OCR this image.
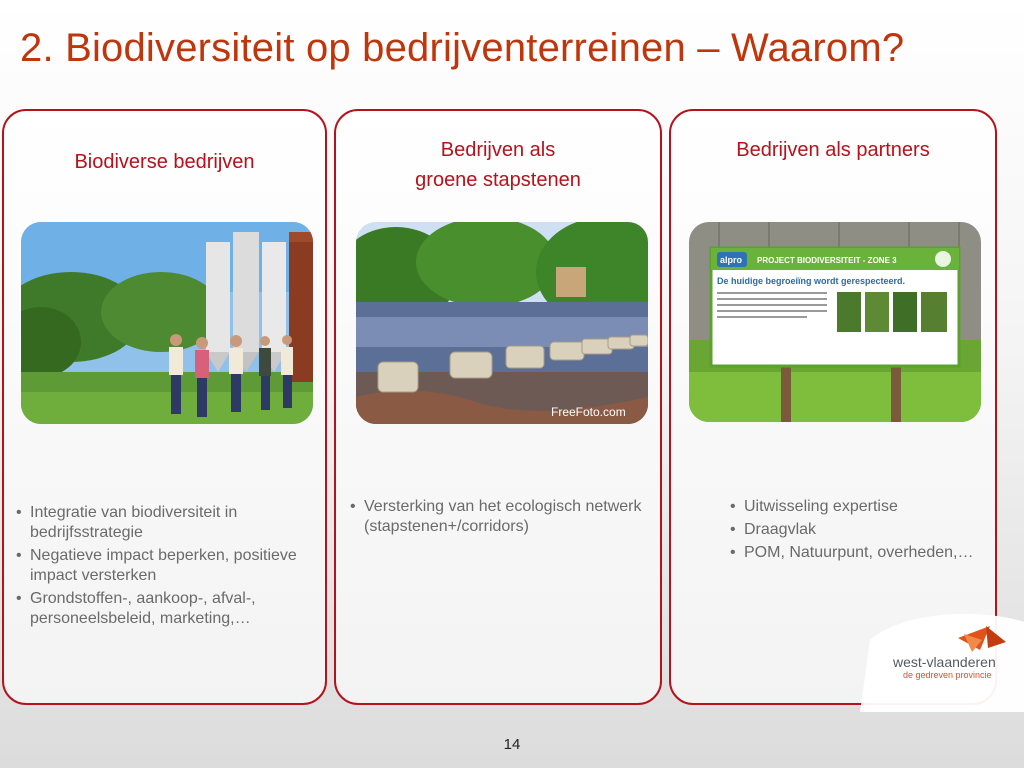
2. Biodiversiteit op bedrijventerreinen – Waarom?
Biodiverse bedrijven
• Integratie van biodiversiteit in bedrijfsstrategie
• Negatieve impact beperken, positieve impact versterken
• Grondstoffen-, aankoop-, afval-, personeelsbeleid, marketing,…
Bedrijven als
groene stapstenen
FreeFoto.com
• Versterking van het ecologisch netwerk (stapstenen+/corridors)
Bedrijven als partners
alpro PROJECT BIODIVERSITEIT - ZONE 3
De huidige begroeiïng wordt gerespecteerd.
• Uitwisseling expertise
• Draagvlak
• POM, Natuurpunt, overheden,…
west-vlaanderen
de gedreven provincie
14
